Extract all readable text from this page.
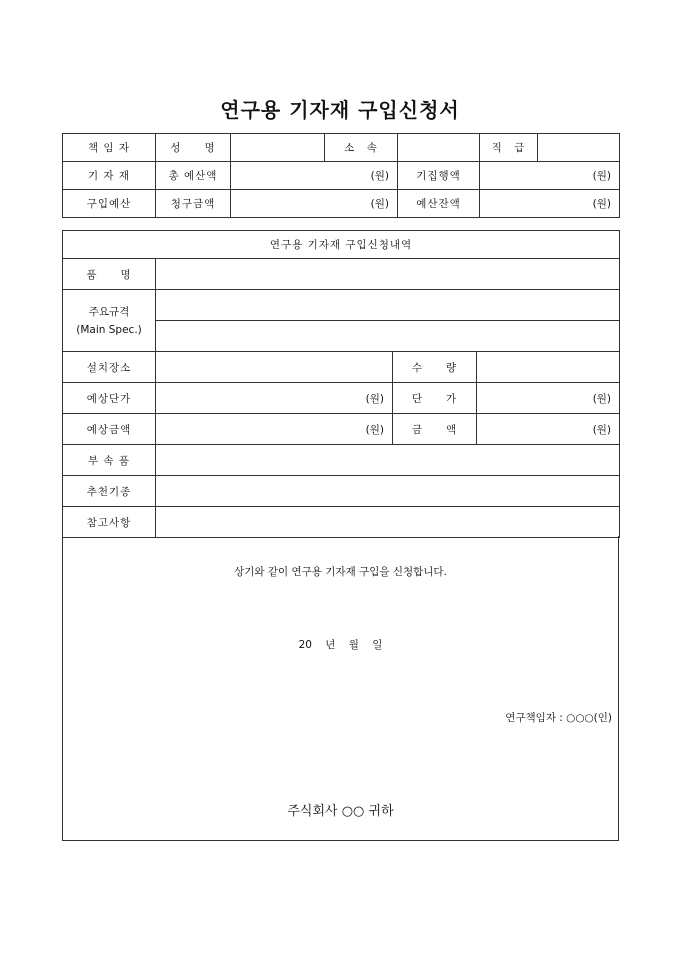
연구용 기자재 구입신청서
책 임 자	성　　명		소　속		직　급	
기 자 재	총 예산액	(원)		기집행액	(원)	
구입예산	청구금액	(원)		예산잔액	(원)	
연구용 기자재 구입신청내역			
품　　명			
주요규격
(Main Spec.)			

설치장소		수　　량	
예상단가	(원)	단　　가	(원)
예상금액	(원)	금　　액	(원)
부 속 품			
추천기종			
참고사항			
상기와 같이 연구용 기자재 구입을 신청합니다.
20 년 월 일
연구책임자 : ○○○(인)
주식회사 ○○ 귀하
